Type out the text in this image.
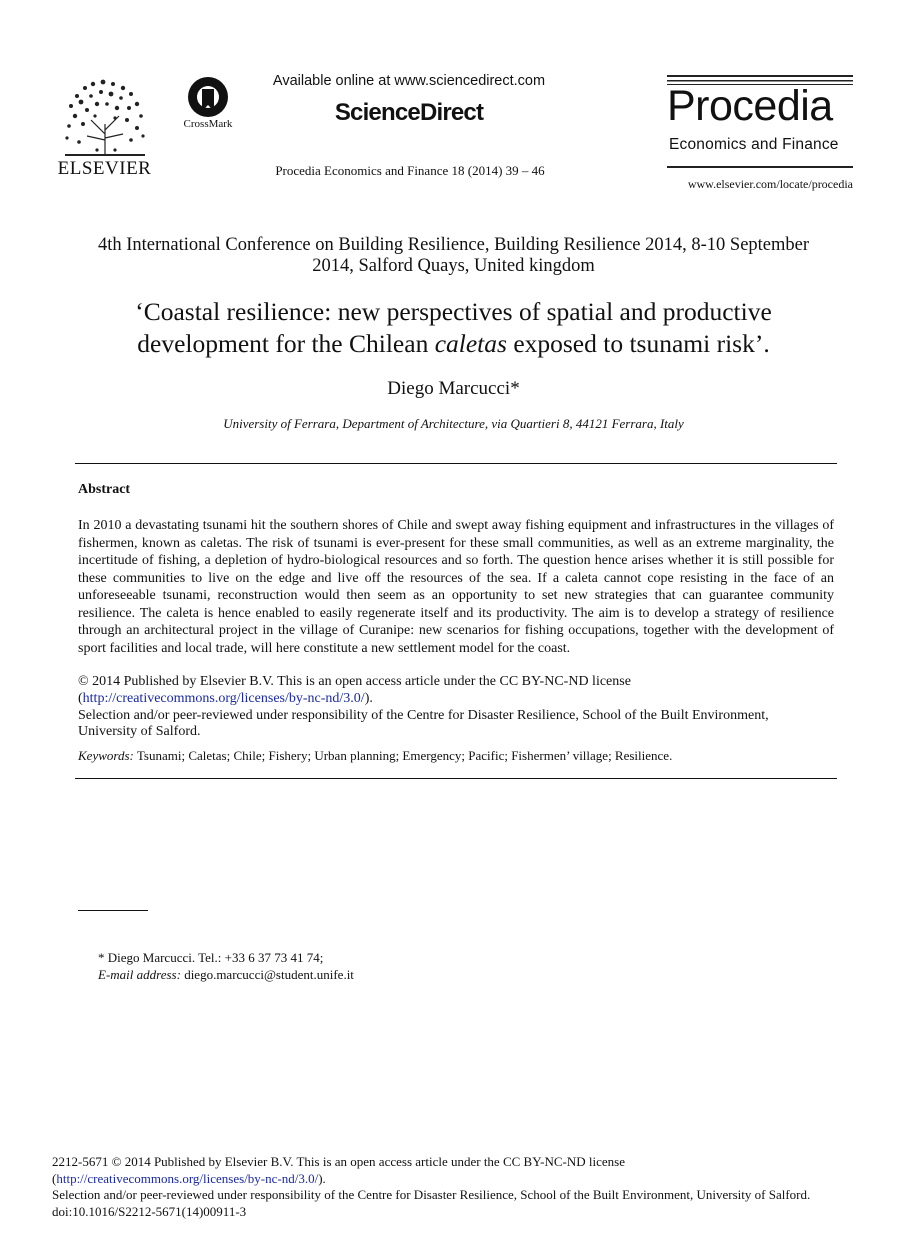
ELSEVIER
CrossMark
Available online at www.sciencedirect.com
ScienceDirect
Procedia Economics and Finance 18 (2014) 39 – 46
Procedia
Economics and Finance
www.elsevier.com/locate/procedia
4th International Conference on Building Resilience, Building Resilience 2014, 8-10 September
2014, Salford Quays, United kingdom
‘Coastal resilience: new perspectives of spatial and productive
development for the Chilean caletas exposed to tsunami risk’.
Diego Marcucci*
University of Ferrara, Department of Architecture, via Quartieri 8, 44121 Ferrara, Italy
Abstract
In 2010 a devastating tsunami hit the southern shores of Chile and swept away fishing equipment and infrastructures in the villages of fishermen, known as caletas. The risk of tsunami is ever-present for these small communities, as well as an extreme marginality, the incertitude of fishing, a depletion of hydro-biological resources and so forth. The question hence arises whether it is still possible for these communities to live on the edge and live off the resources of the sea. If a caleta cannot cope resisting in the face of an unforeseeable tsunami, reconstruction would then seem as an opportunity to set new strategies that can guarantee community resilience. The caleta is hence enabled to easily regenerate itself and its productivity. The aim is to develop a strategy of resilience through an architectural project in the village of Curanipe: new scenarios for fishing occupations, together with the development of sport facilities and local trade, will here constitute a new settlement model for the coast.
© 2014 Published by Elsevier B.V. This is an open access article under the CC BY-NC-ND license
(http://creativecommons.org/licenses/by-nc-nd/3.0/).
Selection and/or peer-reviewed under responsibility of the Centre for Disaster Resilience, School of the Built Environment,
University of Salford.
Keywords: Tsunami; Caletas; Chile; Fishery; Urban planning; Emergency; Pacific; Fishermen’ village; Resilience.
* Diego Marcucci. Tel.: +33 6 37 73 41 74;
E-mail address: diego.marcucci@student.unife.it
2212-5671 © 2014 Published by Elsevier B.V. This is an open access article under the CC BY-NC-ND license
(http://creativecommons.org/licenses/by-nc-nd/3.0/).
Selection and/or peer-reviewed under responsibility of the Centre for Disaster Resilience, School of the Built Environment, University of Salford.
doi:10.1016/S2212-5671(14)00911-3
